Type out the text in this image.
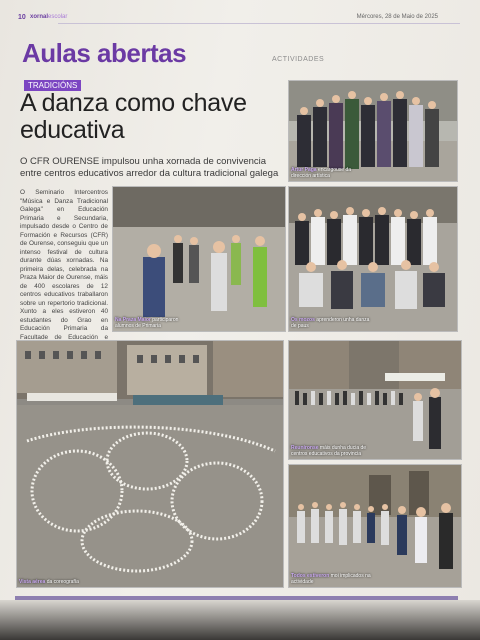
10 xornalescolar	Mércores, 28 de Maio de 2025
Aulas abertas	ACTIVIDADES
TRADICIÓNS
A danza como chave educativa
O CFR OURENSE impulsou unha xornada de convivencia entre centros educativos arredor da cultura tradicional galega
O Seminario Intercentros "Música e Danza Tradicional Galega" en Educación Primaria e Secundaria, impulsado desde o Centro de Formación e Recursos (CFR) de Ourense, conseguiu que un intenso festival de cultura durante dúas xornadas. Na primeira delas, celebrada na Praza Maior de Ourense, máis de 400 escolares de 12 centros educativos traballaron sobre un repertorio tradicional. Xunto a eles estiveron 40 estudantes do Grao en Educación Primaria da Facultade de Educación e
Artur Paga encargouse da dirección artística
Na Praza Maior participaron alumnos de Primaria
Os mozos aprenderon unha danza de paus
Vista aérea da coreografía
Reuníronse máis dunha ducia de centros educativos da provincia
Todos estiveron moi implicados na actividade
